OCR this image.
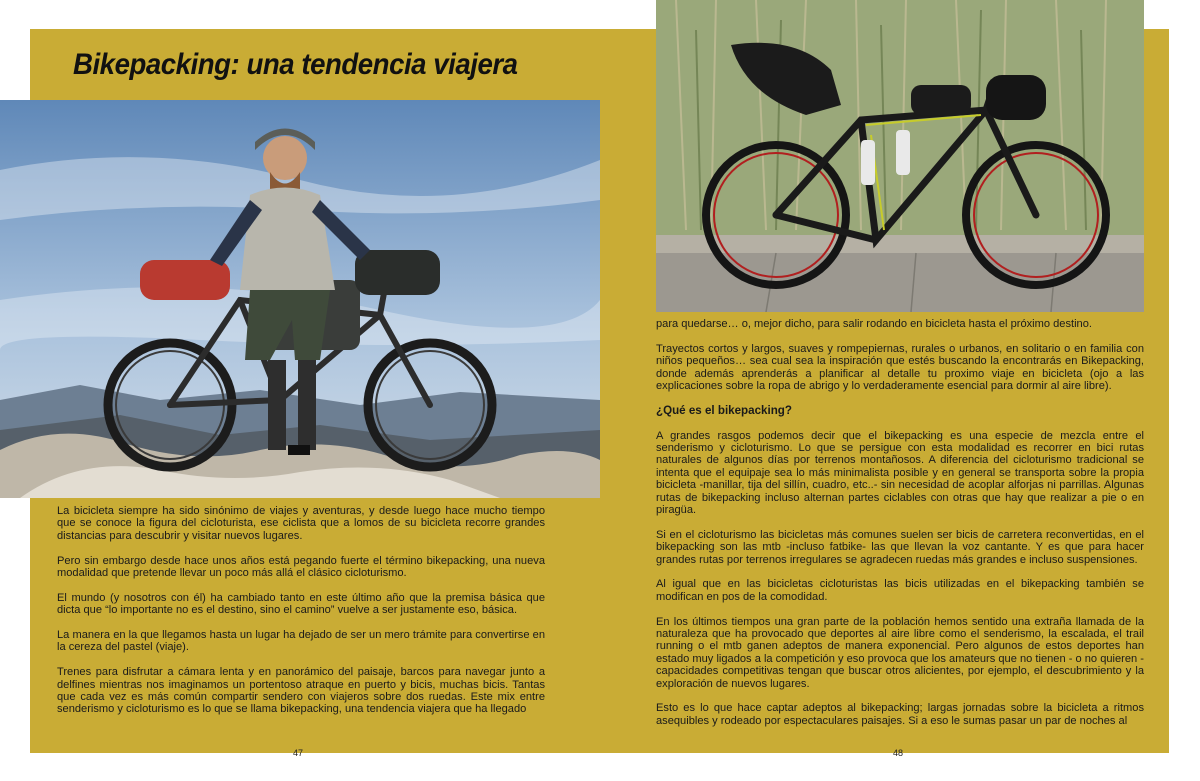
Bikepacking: una tendencia viajera

La bicicleta siempre ha sido sinónimo de viajes y aventuras, y desde luego hace mucho tiempo que se conoce la figura del cicloturista, ese ciclista que a lomos de su bicicleta recorre grandes distancias para descubrir y visitar nuevos lugares.

Pero sin embargo desde hace unos años está pegando fuerte el término bikepacking, una nueva modalidad que pretende llevar un poco más allá el clásico cicloturismo.

El mundo (y nosotros con él) ha cambiado tanto en este último año que la premisa básica que dicta que “lo importante no es el destino, sino el camino” vuelve a ser justamente eso, básica.

La manera en la que llegamos hasta un lugar ha dejado de ser un mero trámite para convertirse en la cereza del pastel (viaje).

Trenes para disfrutar a cámara lenta y en panorámico del paisaje, barcos para navegar junto a delfines mientras nos imaginamos un portentoso atraque en puerto y bicis, muchas bicis. Tantas que cada vez es más común compartir sendero con viajeros sobre dos ruedas. Este mix entre senderismo y cicloturismo es lo que se llama bikepacking, una tendencia viajera que ha llegado

para quedarse… o, mejor dicho, para salir rodando en bicicleta hasta el próximo destino.

Trayectos cortos y largos, suaves y rompepiernas, rurales o urbanos, en solitario o en familia con niños pequeños… sea cual sea la inspiración que estés buscando la encontrarás en Bikepacking, donde además aprenderás a planificar al detalle tu proximo viaje en bicicleta (ojo a las explicaciones sobre la ropa de abrigo y lo verdaderamente esencial para dormir al aire libre).

¿Qué es el bikepacking?

A grandes rasgos podemos decir que el bikepacking es una especie de mezcla entre el senderismo y cicloturismo. Lo que se persigue con esta modalidad es recorrer en bici rutas naturales de algunos días por terrenos montañosos. A diferencia del cicloturismo tradicional se intenta que el equipaje sea lo más minimalista posible y en general se transporta sobre la propia bicicleta -manillar, tija del sillín, cuadro, etc..- sin necesidad de acoplar alforjas ni parrillas. Algunas rutas de bikepacking incluso alternan partes ciclables con otras que hay que realizar a pie o en piragüa.

Si en el cicloturismo las bicicletas más comunes suelen ser bicis de carretera reconvertidas, en el bikepacking son las mtb -incluso fatbike- las que llevan la voz cantante. Y es que para hacer grandes rutas por terrenos irregulares se agradecen ruedas más grandes e incluso suspensiones.

Al igual que en las bicicletas cicloturistas las bicis utilizadas en el bikepacking también se modifican en pos de la comodidad.

En los últimos tiempos una gran parte de la población hemos sentido una extraña llamada de la naturaleza que ha provocado que deportes al aire libre como el senderismo, la escalada, el trail running o el mtb ganen adeptos de manera exponencial. Pero algunos de estos deportes han estado muy ligados a la competición y eso provoca que los amateurs que no tienen - o no quieren - capacidades competitivas tengan que buscar otros alicientes, por ejemplo, el descubrimiento y la exploración de nuevos lugares.

Esto es lo que hace captar adeptos al bikepacking; largas jornadas sobre la bicicleta a ritmos asequibles y rodeado por espectaculares paisajes. Si a eso le sumas pasar un par de noches al

47	48
